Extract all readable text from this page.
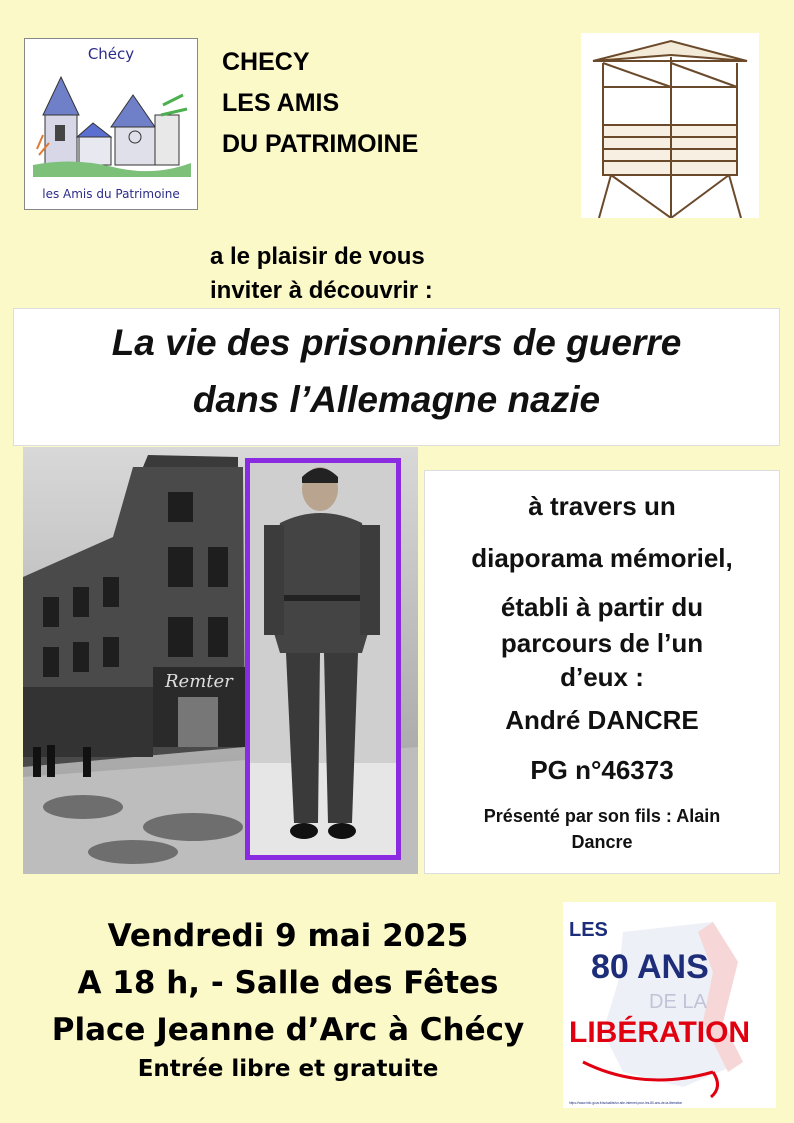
Chécy
les Amis du Patrimoine
CHECY
LES AMIS
DU PATRIMOINE
a le plaisir de vous
inviter à découvrir :
La vie des prisonniers de guerre
dans l’Allemagne nazie
Remter
à travers un
diaporama mémoriel,
établi à partir du
parcours de l’un
d’eux :
André DANCRE
PG n°46373
Présenté par son fils : Alain
Dancre
Vendredi 9 mai 2025
A 18 h, - Salle des Fêtes
Place Jeanne d’Arc à Chécy
Entrée libre et gratuite
LES
80 ANS
DE LA
LIBÉRATION
https://www.info.gouv.fr/actualite/un-site-internet-pour-les-80-ans-de-la-liberation
